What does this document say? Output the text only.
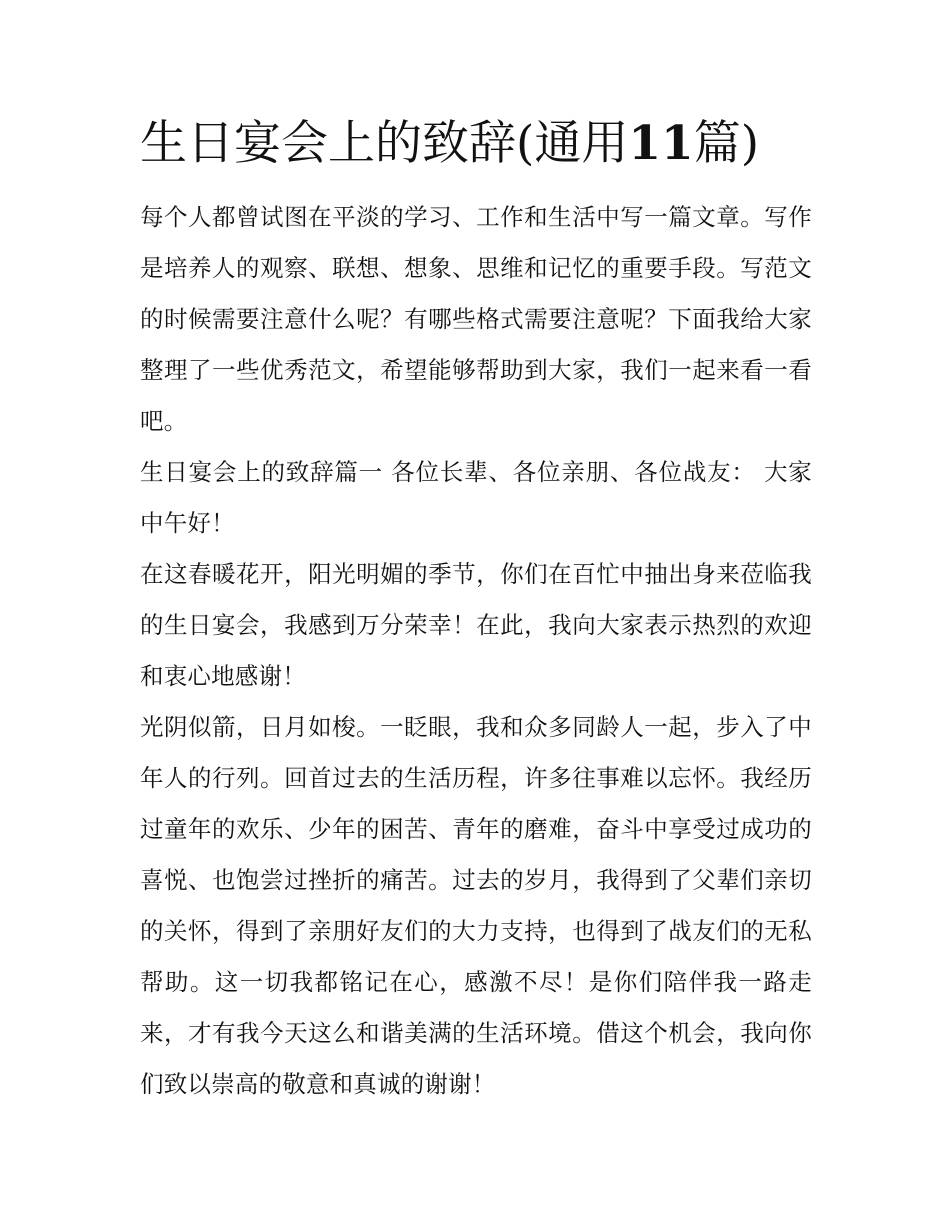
生日宴会上的致辞(通用11篇)

每个人都曾试图在平淡的学习、工作和生活中写一篇文章。写作是培养人的观察、联想、想象、思维和记忆的重要手段。写范文的时候需要注意什么呢？有哪些格式需要注意呢？下面我给大家整理了一些优秀范文，希望能够帮助到大家，我们一起来看一看吧。

生日宴会上的致辞篇一 各位长辈、各位亲朋、各位战友： 大家中午好！

在这春暖花开，阳光明媚的季节，你们在百忙中抽出身来莅临我的生日宴会，我感到万分荣幸！在此，我向大家表示热烈的欢迎和衷心地感谢！

光阴似箭，日月如梭。一眨眼，我和众多同龄人一起，步入了中年人的行列。回首过去的生活历程，许多往事难以忘怀。我经历过童年的欢乐、少年的困苦、青年的磨难，奋斗中享受过成功的喜悦、也饱尝过挫折的痛苦。过去的岁月，我得到了父辈们亲切的关怀，得到了亲朋好友们的大力支持，也得到了战友们的无私帮助。这一切我都铭记在心，感激不尽！是你们陪伴我一路走来，才有我今天这么和谐美满的生活环境。借这个机会，我向你们致以崇高的敬意和真诚的谢谢！
